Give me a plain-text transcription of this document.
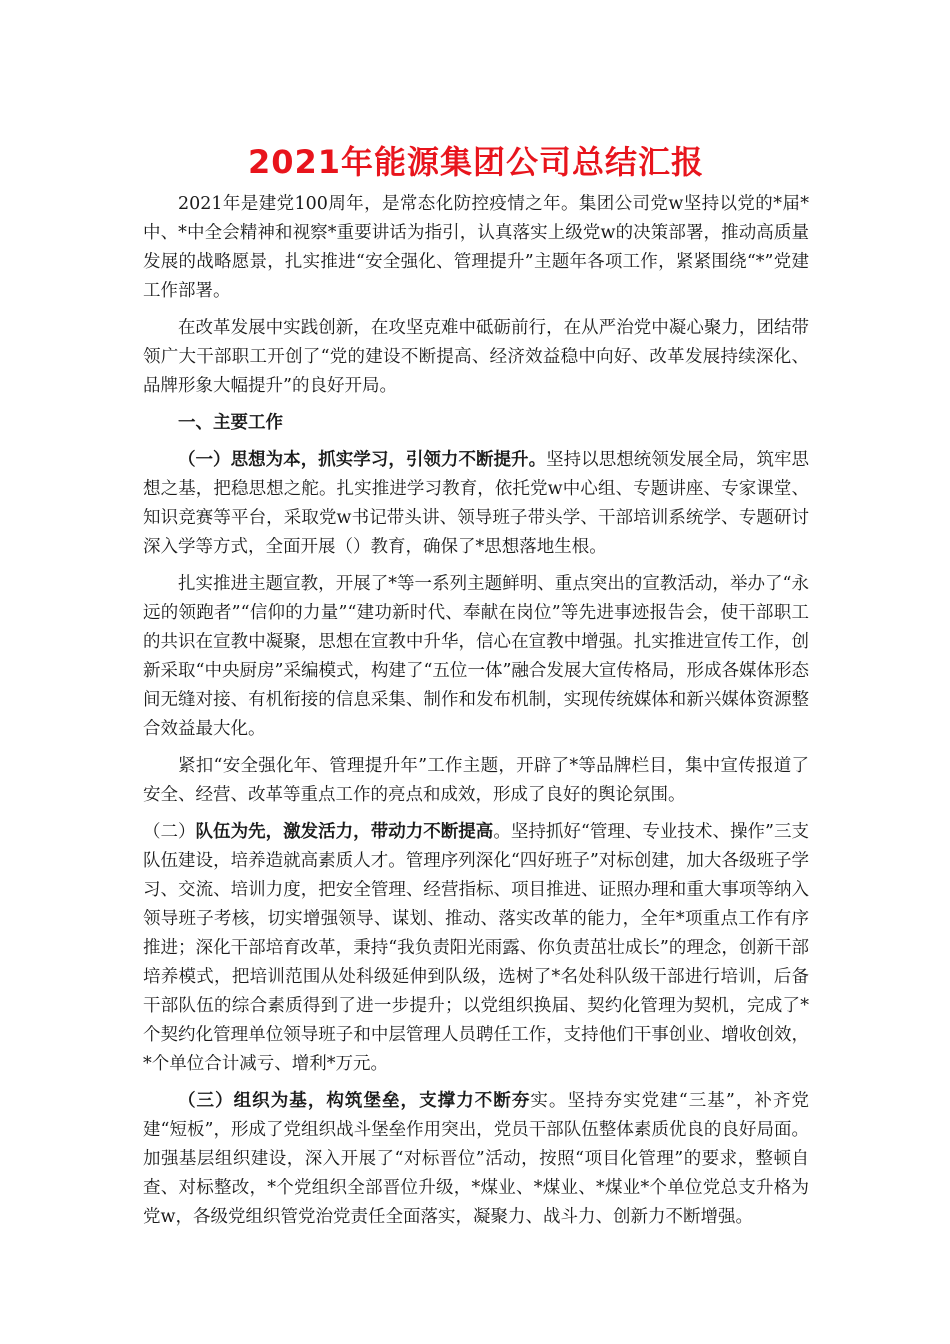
2021年能源集团公司总结汇报

2021年是建党100周年，是常态化防控疫情之年。集团公司党w坚持以党的*届*中、*中全会精神和视察*重要讲话为指引，认真落实上级党w的决策部署，推动高质量发展的战略愿景，扎实推进“安全强化、管理提升”主题年各项工作，紧紧围绕“*”党建工作部署。

在改革发展中实践创新，在攻坚克难中砥砺前行，在从严治党中凝心聚力，团结带领广大干部职工开创了“党的建设不断提高、经济效益稳中向好、改革发展持续深化、品牌形象大幅提升”的良好开局。

一、主要工作

（一）思想为本，抓实学习，引领力不断提升。坚持以思想统领发展全局，筑牢思想之基，把稳思想之舵。扎实推进学习教育，依托党w中心组、专题讲座、专家课堂、知识竞赛等平台，采取党w书记带头讲、领导班子带头学、干部培训系统学、专题研讨深入学等方式，全面开展（）教育，确保了*思想落地生根。

扎实推进主题宣教，开展了*等一系列主题鲜明、重点突出的宣教活动，举办了“永远的领跑者”“信仰的力量”“建功新时代、奉献在岗位”等先进事迹报告会，使干部职工的共识在宣教中凝聚，思想在宣教中升华，信心在宣教中增强。扎实推进宣传工作，创新采取“中央厨房”采编模式，构建了“五位一体”融合发展大宣传格局，形成各媒体形态间无缝对接、有机衔接的信息采集、制作和发布机制，实现传统媒体和新兴媒体资源整合效益最大化。

紧扣“安全强化年、管理提升年”工作主题，开辟了*等品牌栏目，集中宣传报道了安全、经营、改革等重点工作的亮点和成效，形成了良好的舆论氛围。

（二）队伍为先，激发活力，带动力不断提高。坚持抓好“管理、专业技术、操作”三支队伍建设，培养造就高素质人才。管理序列深化“四好班子”对标创建，加大各级班子学习、交流、培训力度，把安全管理、经营指标、项目推进、证照办理和重大事项等纳入领导班子考核，切实增强领导、谋划、推动、落实改革的能力，全年*项重点工作有序推进；深化干部培育改革，秉持“我负责阳光雨露、你负责茁壮成长”的理念，创新干部培养模式，把培训范围从处科级延伸到队级，选树了*名处科队级干部进行培训，后备干部队伍的综合素质得到了进一步提升；以党组织换届、契约化管理为契机，完成了*个契约化管理单位领导班子和中层管理人员聘任工作，支持他们干事创业、增收创效，*个单位合计减亏、增利*万元。

（三）组织为基，构筑堡垒，支撑力不断夯实。坚持夯实党建“三基”，补齐党建“短板”，形成了党组织战斗堡垒作用突出，党员干部队伍整体素质优良的良好局面。加强基层组织建设，深入开展了“对标晋位”活动，按照“项目化管理”的要求，整顿自查、对标整改，*个党组织全部晋位升级，*煤业、*煤业、*煤业*个单位党总支升格为党w，各级党组织管党治党责任全面落实，凝聚力、战斗力、创新力不断增强。
